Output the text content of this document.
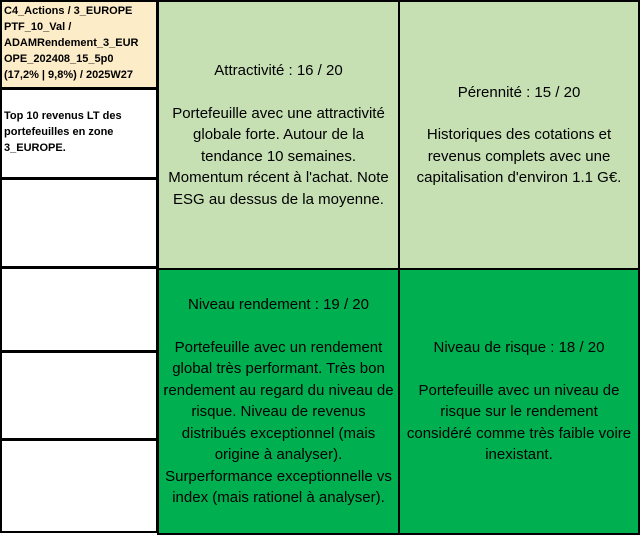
C4_Actions / 3_EUROPE
PTF_10_Val /
ADAMRendement_3_EUR
OPE_202408_15_5p0
(17,2% | 9,8%) / 2025W27
Top 10 revenus LT des portefeuilles en zone 3_EUROPE.
Attractivité : 16 / 20
Portefeuille avec une attractivité globale forte. Autour de la tendance 10 semaines. Momentum récent à l'achat. Note ESG au dessus de la moyenne.
Pérennité : 15 / 20
Historiques des cotations et revenus complets avec une capitalisation d'environ 1.1 G€.
Niveau rendement : 19 / 20
Portefeuille avec un rendement global très performant. Très bon rendement au regard du niveau de risque. Niveau de revenus distribués exceptionnel (mais origine à analyser). Surperformance exceptionnelle vs index (mais rationel à analyser).
Niveau de risque : 18 / 20
Portefeuille avec un niveau de risque sur le rendement considéré comme très faible voire inexistant.
